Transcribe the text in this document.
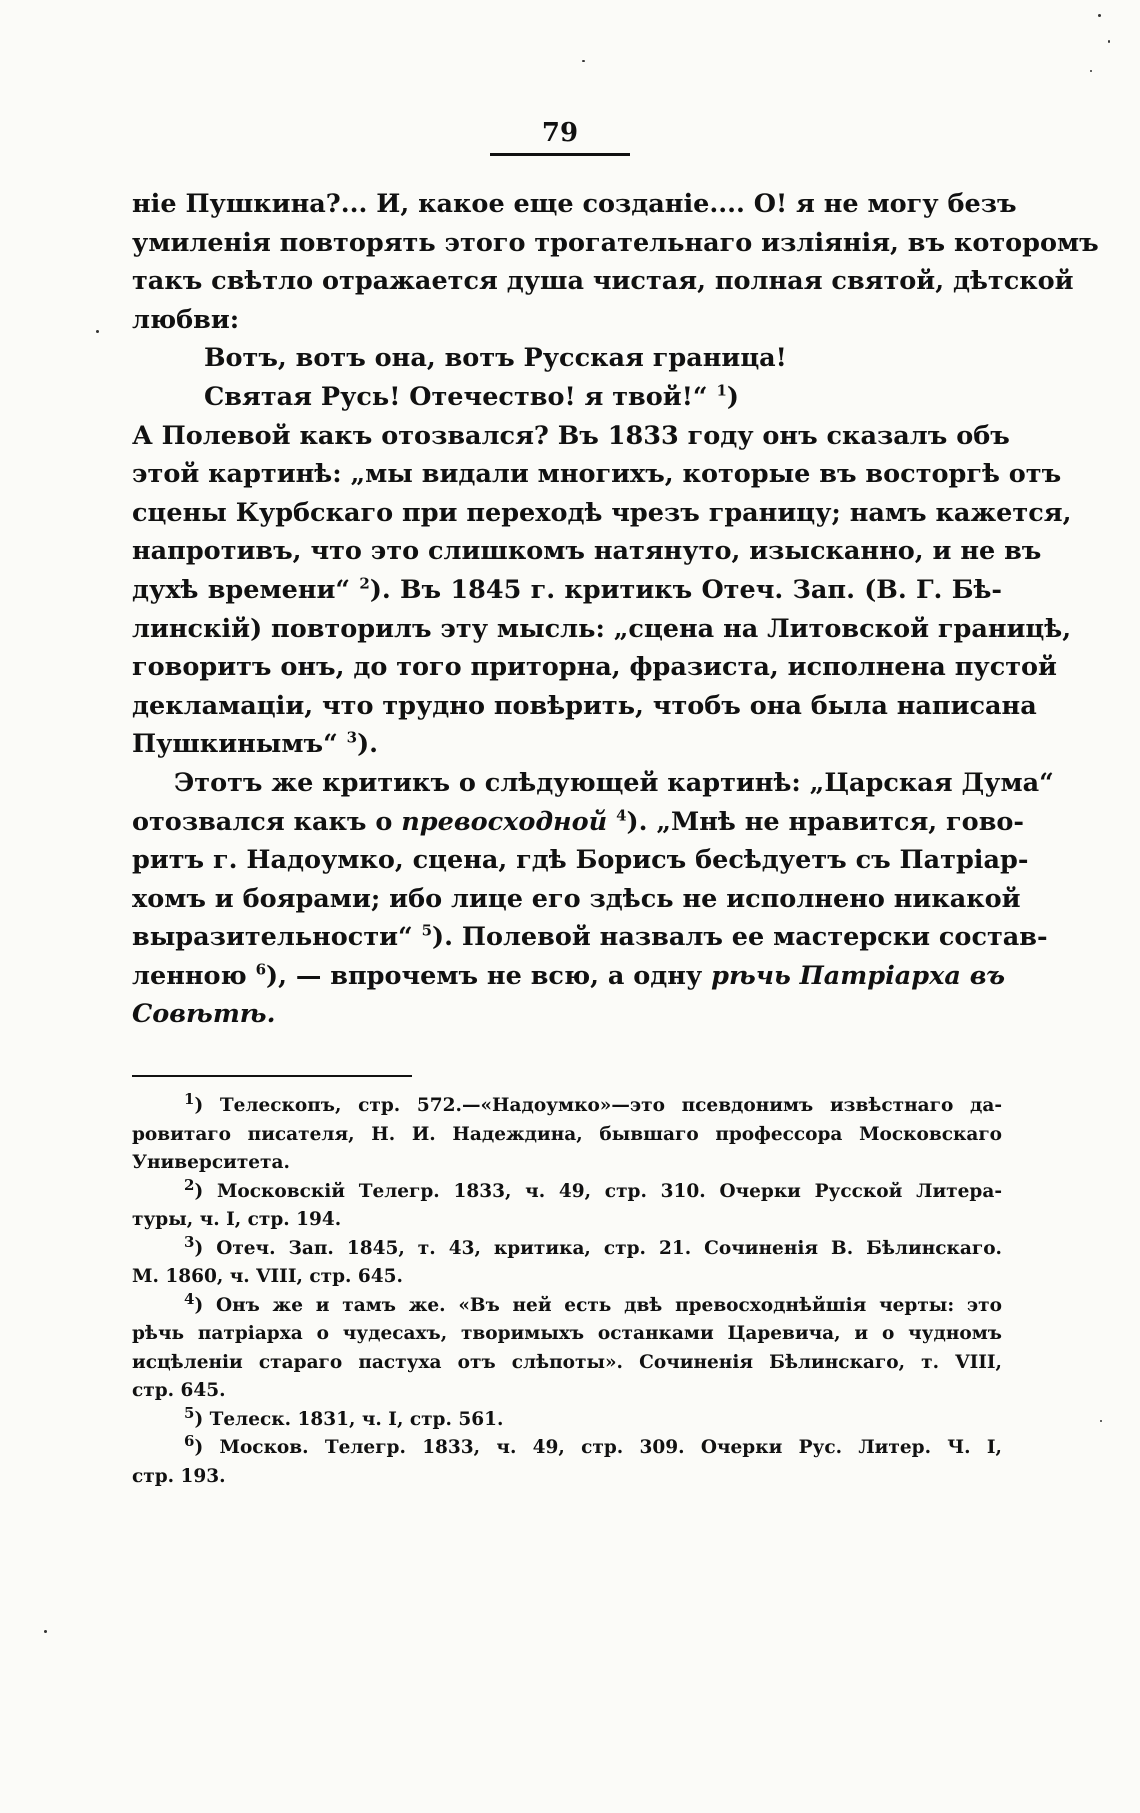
79
ніе Пушкина?... И, какое еще созданіе.... О! я не могу безъ
умиленія повторять этого трогательнаго изліянія, въ которомъ
такъ свѣтло отражается душа чистая, полная святой, дѣтской
любви:
Вотъ, вотъ она, вотъ Русская граница!
Святая Русь! Отечество! я твой!“ $^1$)
А Полевой какъ отозвался? Въ 1833 году онъ сказалъ объ
этой картинѣ: „мы видали многихъ, которые въ восторгѣ отъ
сцены Курбскаго при переходѣ чрезъ границу; намъ кажется,
напротивъ, что это слишкомъ натянуто, изысканно, и не въ
духѣ времени“ $^2$). Въ 1845 г. критикъ Отеч. Зап. (В. Г. Бѣ-
линскій) повторилъ эту мысль: „сцена на Литовской границѣ,
говоритъ онъ, до того приторна, фразиста, исполнена пустой
декламаціи, что трудно повѣрить, чтобъ она была написана
Пушкинымъ“ $^3$).
Этотъ же критикъ о слѣдующей картинѣ: „Царская Дума“
отозвался какъ о превосходной $^4$). „Мнѣ не нравится, гово-
ритъ г. Надоумко, сцена, гдѣ Борисъ бесѣдуетъ съ Патріар-
хомъ и боярами; ибо лице его здѣсь не исполнено никакой
выразительности“ $^5$). Полевой назвалъ ее мастерски состав-
ленною $^6$), — впрочемъ не всю, а одну рѣчь Патріарха въ
Совѣтѣ.
$^1$) Телескопъ, стр. 572.—«Надоумко»—это псевдонимъ извѣстнаго да-
ровитаго писателя, Н. И. Надеждина, бывшаго профессора Московскаго
Университета.
$^2$) Московскій Телегр. 1833, ч. 49, стр. 310. Очерки Русской Литера-
туры, ч. I, стр. 194.
$^3$) Отеч. Зап. 1845, т. 43, критика, стр. 21. Сочиненія В. Бѣлинскаго.
М. 1860, ч. VIII, стр. 645.
$^4$) Онъ же и тамъ же. «Въ ней есть двѣ превосходнѣйшія черты: это
рѣчь патріарха о чудесахъ, творимыхъ останками Царевича, и о чудномъ
исцѣленіи стараго пастуха отъ слѣпоты». Сочиненія Бѣлинскаго, т. VIII,
стр. 645.
$^5$) Телеск. 1831, ч. I, стр. 561.
$^6$) Москов. Телегр. 1833, ч. 49, стр. 309. Очерки Рус. Литер. Ч. I,
стр. 193.
